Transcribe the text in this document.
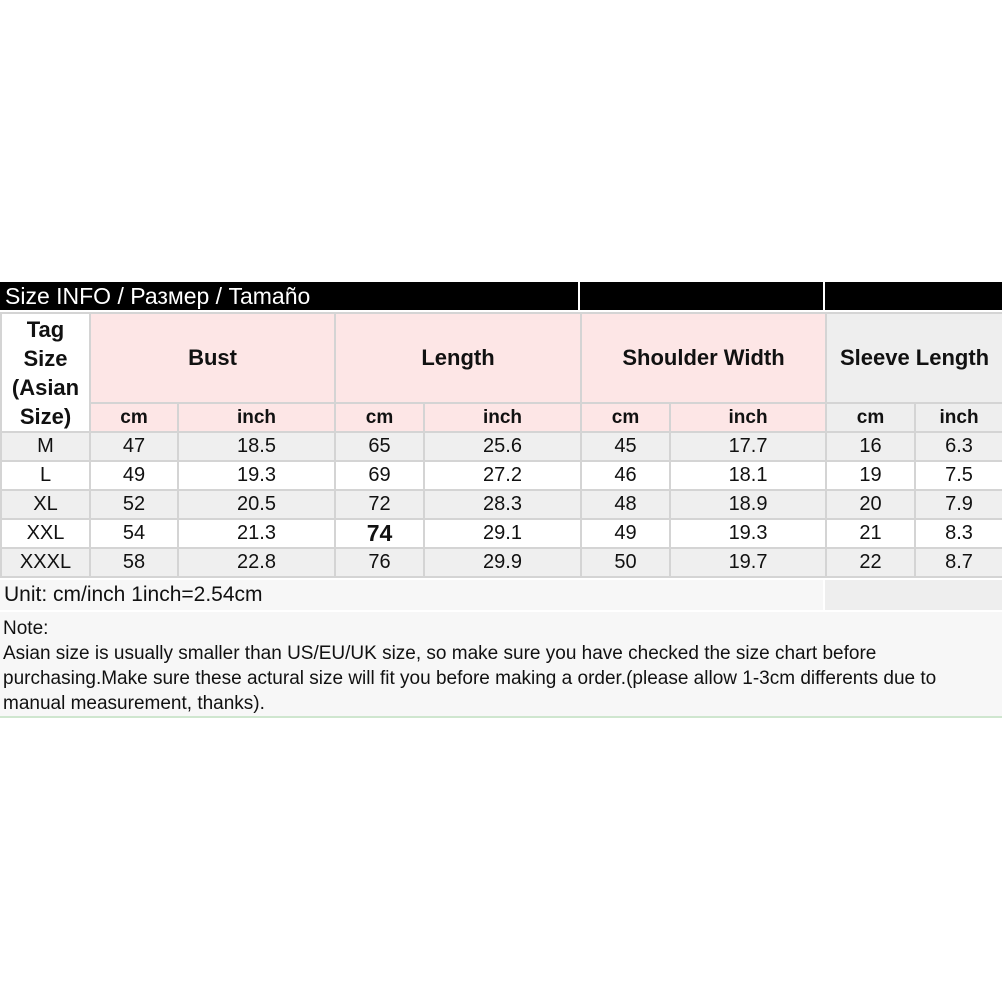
Size INFO / Размер / Tamaño
Tag Size (Asian Size)	Bust		Length		Shoulder Width		Sleeve Length	
	cm	inch	cm	inch	cm	inch	cm	inch
M	47	18.5	65	25.6	45	17.7	16	6.3
L	49	19.3	69	27.2	46	18.1	19	7.5
XL	52	20.5	72	28.3	48	18.9	20	7.9
XXL	54	21.3	74	29.1	49	19.3	21	8.3
XXXL	58	22.8	76	29.9	50	19.7	22	8.7
Unit: cm/inch 1inch=2.54cm
Note:
Asian size is usually smaller than US/EU/UK size, so make sure you have checked the size chart before
purchasing.Make sure these actural size will fit you before making a order.(please allow 1-3cm differents due to
manual measurement, thanks).
